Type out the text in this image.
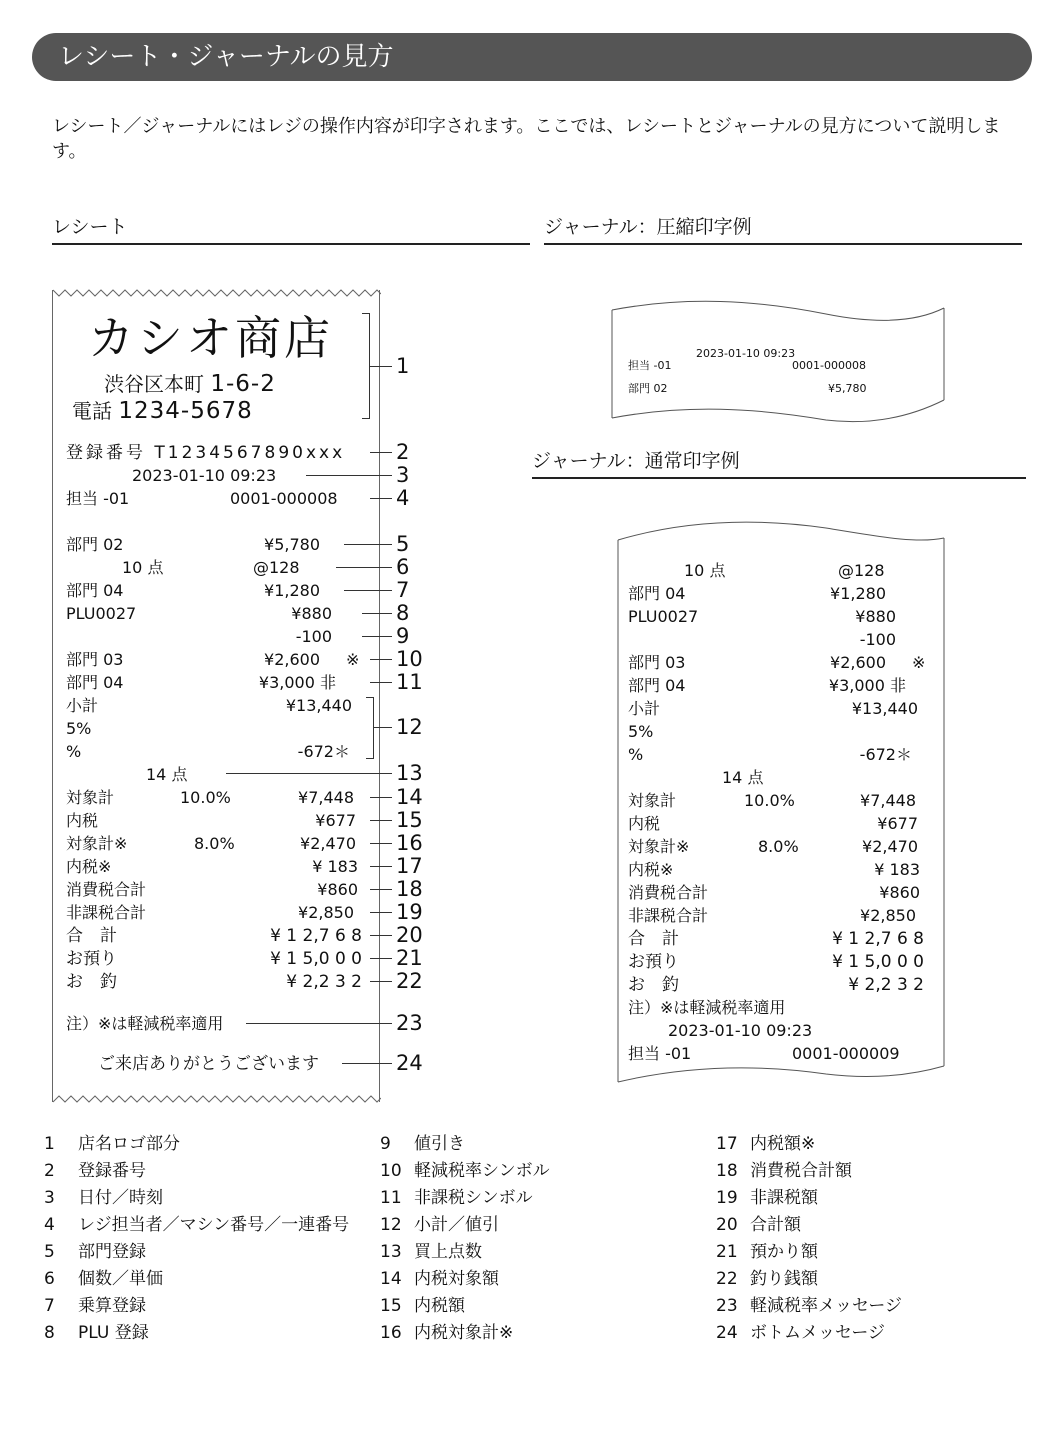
レシート・ジャーナルの見方
レシート／ジャーナルにはレジの操作内容が印字されます。ここでは、レシートとジャーナルの見方について説明します。
レシート	ジャーナル：圧縮印字例
ジャーナル：通常印字例
カシオ商店
渋谷区本町 1-6-2
電話 1234-5678
登録番号 T1234567890xxx
2023-01-10 09:23
担当 -01	0001-000008
部門 02	¥5,780
10 点	@128
部門 04	¥1,280
PLU0027	¥880
-100
部門 03	¥2,600 ※
部門 04	¥3,000 非
小計	¥13,440
5%
%	-672＊
14 点
対象計	10.0%	¥7,448
内税	¥677
対象計※	8.0%	¥2,470
内税※	¥ 183
消費税合計	¥860
非課税合計	¥2,850
合　計	¥ 1 2,7 6 8
お預り	¥ 1 5,0 0 0
お　釣	¥ 2,2 3 2
注）※は軽減税率適用
ご来店ありがとうございます
1
2
3
4
5
6
7
8
9
10
11
12
13
14
15
16
17
18
19
20
21
22
23
24
2023-01-10 09:23
担当 -01	0001-000008
部門 02	¥5,780
10 点	@128
部門 04	¥1,280
PLU0027	¥880
-100
部門 03	¥2,600 ※
部門 04	¥3,000 非
小計	¥13,440
5%
%	-672＊
14 点
対象計	10.0%	¥7,448
内税	¥677
対象計※	8.0%	¥2,470
内税※	¥ 183
消費税合計	¥860
非課税合計	¥2,850
合　計	¥ 1 2,7 6 8
お預り	¥ 1 5,0 0 0
お　釣	¥ 2,2 3 2
注）※は軽減税率適用
2023-01-10 09:23
担当 -01	0001-000009
1 店名ロゴ部分
2 登録番号
3 日付／時刻
4 レジ担当者／マシン番号／一連番号
5 部門登録
6 個数／単価
7 乗算登録
8 PLU 登録
9 値引き
10 軽減税率シンボル
11 非課税シンボル
12 小計／値引
13 買上点数
14 内税対象額
15 内税額
16 内税対象計※
17 内税額※
18 消費税合計額
19 非課税額
20 合計額
21 預かり額
22 釣り銭額
23 軽減税率メッセージ
24 ボトムメッセージ
